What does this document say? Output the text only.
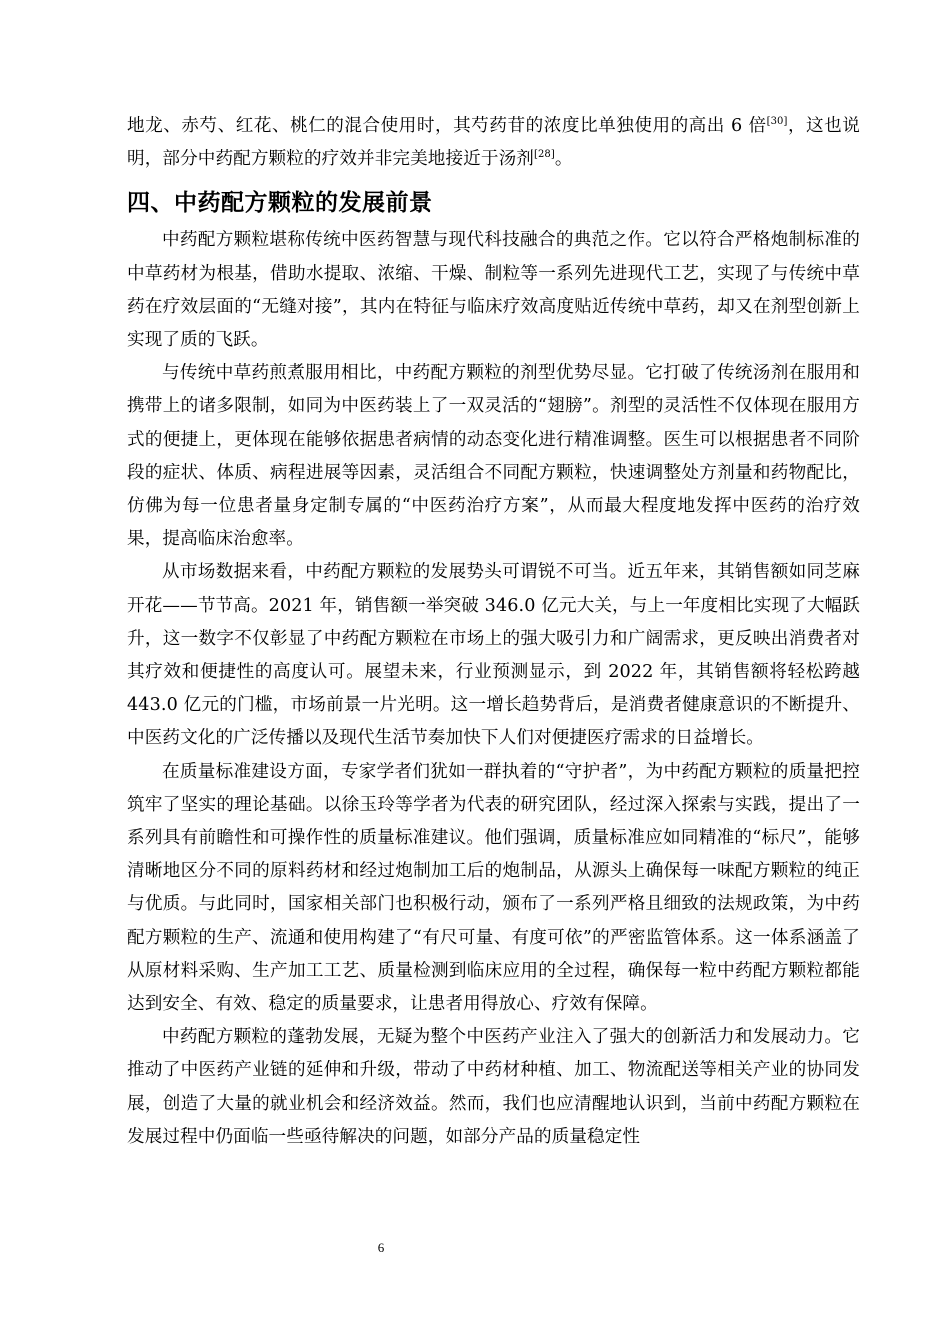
地龙、赤芍、红花、桃仁的混合使用时，其芍药苷的浓度比单独使用的高出 6 倍[30]，这也说明，部分中药配方颗粒的疗效并非完美地接近于汤剂[28]。

四、中药配方颗粒的发展前景

中药配方颗粒堪称传统中医药智慧与现代科技融合的典范之作。它以符合严格炮制标准的中草药材为根基，借助水提取、浓缩、干燥、制粒等一系列先进现代工艺，实现了与传统中草药在疗效层面的“无缝对接”，其内在特征与临床疗效高度贴近传统中草药，却又在剂型创新上实现了质的飞跃。

与传统中草药煎煮服用相比，中药配方颗粒的剂型优势尽显。它打破了传统汤剂在服用和携带上的诸多限制，如同为中医药装上了一双灵活的“翅膀”。剂型的灵活性不仅体现在服用方式的便捷上，更体现在能够依据患者病情的动态变化进行精准调整。医生可以根据患者不同阶段的症状、体质、病程进展等因素，灵活组合不同配方颗粒，快速调整处方剂量和药物配比，仿佛为每一位患者量身定制专属的“中医药治疗方案”，从而最大程度地发挥中医药的治疗效果，提高临床治愈率。

从市场数据来看，中药配方颗粒的发展势头可谓锐不可当。近五年来，其销售额如同芝麻开花——节节高。2021 年，销售额一举突破 346.0 亿元大关，与上一年度相比实现了大幅跃升，这一数字不仅彰显了中药配方颗粒在市场上的强大吸引力和广阔需求，更反映出消费者对其疗效和便捷性的高度认可。展望未来，行业预测显示，到 2022 年，其销售额将轻松跨越 443.0 亿元的门槛，市场前景一片光明。这一增长趋势背后，是消费者健康意识的不断提升、中医药文化的广泛传播以及现代生活节奏加快下人们对便捷医疗需求的日益增长。

在质量标准建设方面，专家学者们犹如一群执着的“守护者”，为中药配方颗粒的质量把控筑牢了坚实的理论基础。以徐玉玲等学者为代表的研究团队，经过深入探索与实践，提出了一系列具有前瞻性和可操作性的质量标准建议。他们强调，质量标准应如同精准的“标尺”，能够清晰地区分不同的原料药材和经过炮制加工后的炮制品，从源头上确保每一味配方颗粒的纯正与优质。与此同时，国家相关部门也积极行动，颁布了一系列严格且细致的法规政策，为中药配方颗粒的生产、流通和使用构建了“有尺可量、有度可依”的严密监管体系。这一体系涵盖了从原材料采购、生产加工工艺、质量检测到临床应用的全过程，确保每一粒中药配方颗粒都能达到安全、有效、稳定的质量要求，让患者用得放心、疗效有保障。

中药配方颗粒的蓬勃发展，无疑为整个中医药产业注入了强大的创新活力和发展动力。它推动了中医药产业链的延伸和升级，带动了中药材种植、加工、物流配送等相关产业的协同发展，创造了大量的就业机会和经济效益。然而，我们也应清醒地认识到，当前中药配方颗粒在发展过程中仍面临一些亟待解决的问题，如部分产品的质量稳定性

6
